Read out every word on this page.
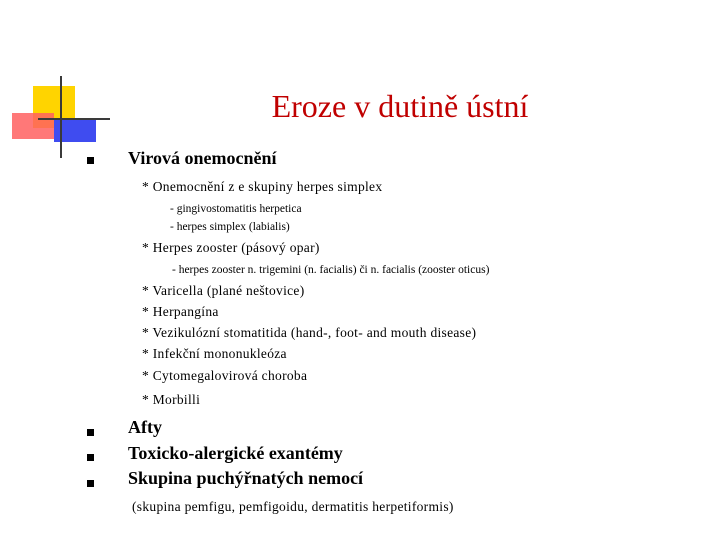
Eroze v dutině ústní
Virová onemocnění
* Onemocnění z e skupiny herpes simplex
- gingivostomatitis herpetica
- herpes simplex (labialis)
* Herpes zooster (pásový opar)
- herpes zooster n. trigemini (n. facialis) či n. facialis (zooster oticus)
* Varicella (plané neštovice)
* Herpangína
* Vezikulózní stomatitida (hand-, foot- and mouth disease)
* Infekční mononukleóza
* Cytomegalovirová choroba
* Morbilli
Afty
Toxicko-alergické exantémy
Skupina puchýřnatých nemocí
(skupina pemfigu, pemfigoidu, dermatitis herpetiformis)
